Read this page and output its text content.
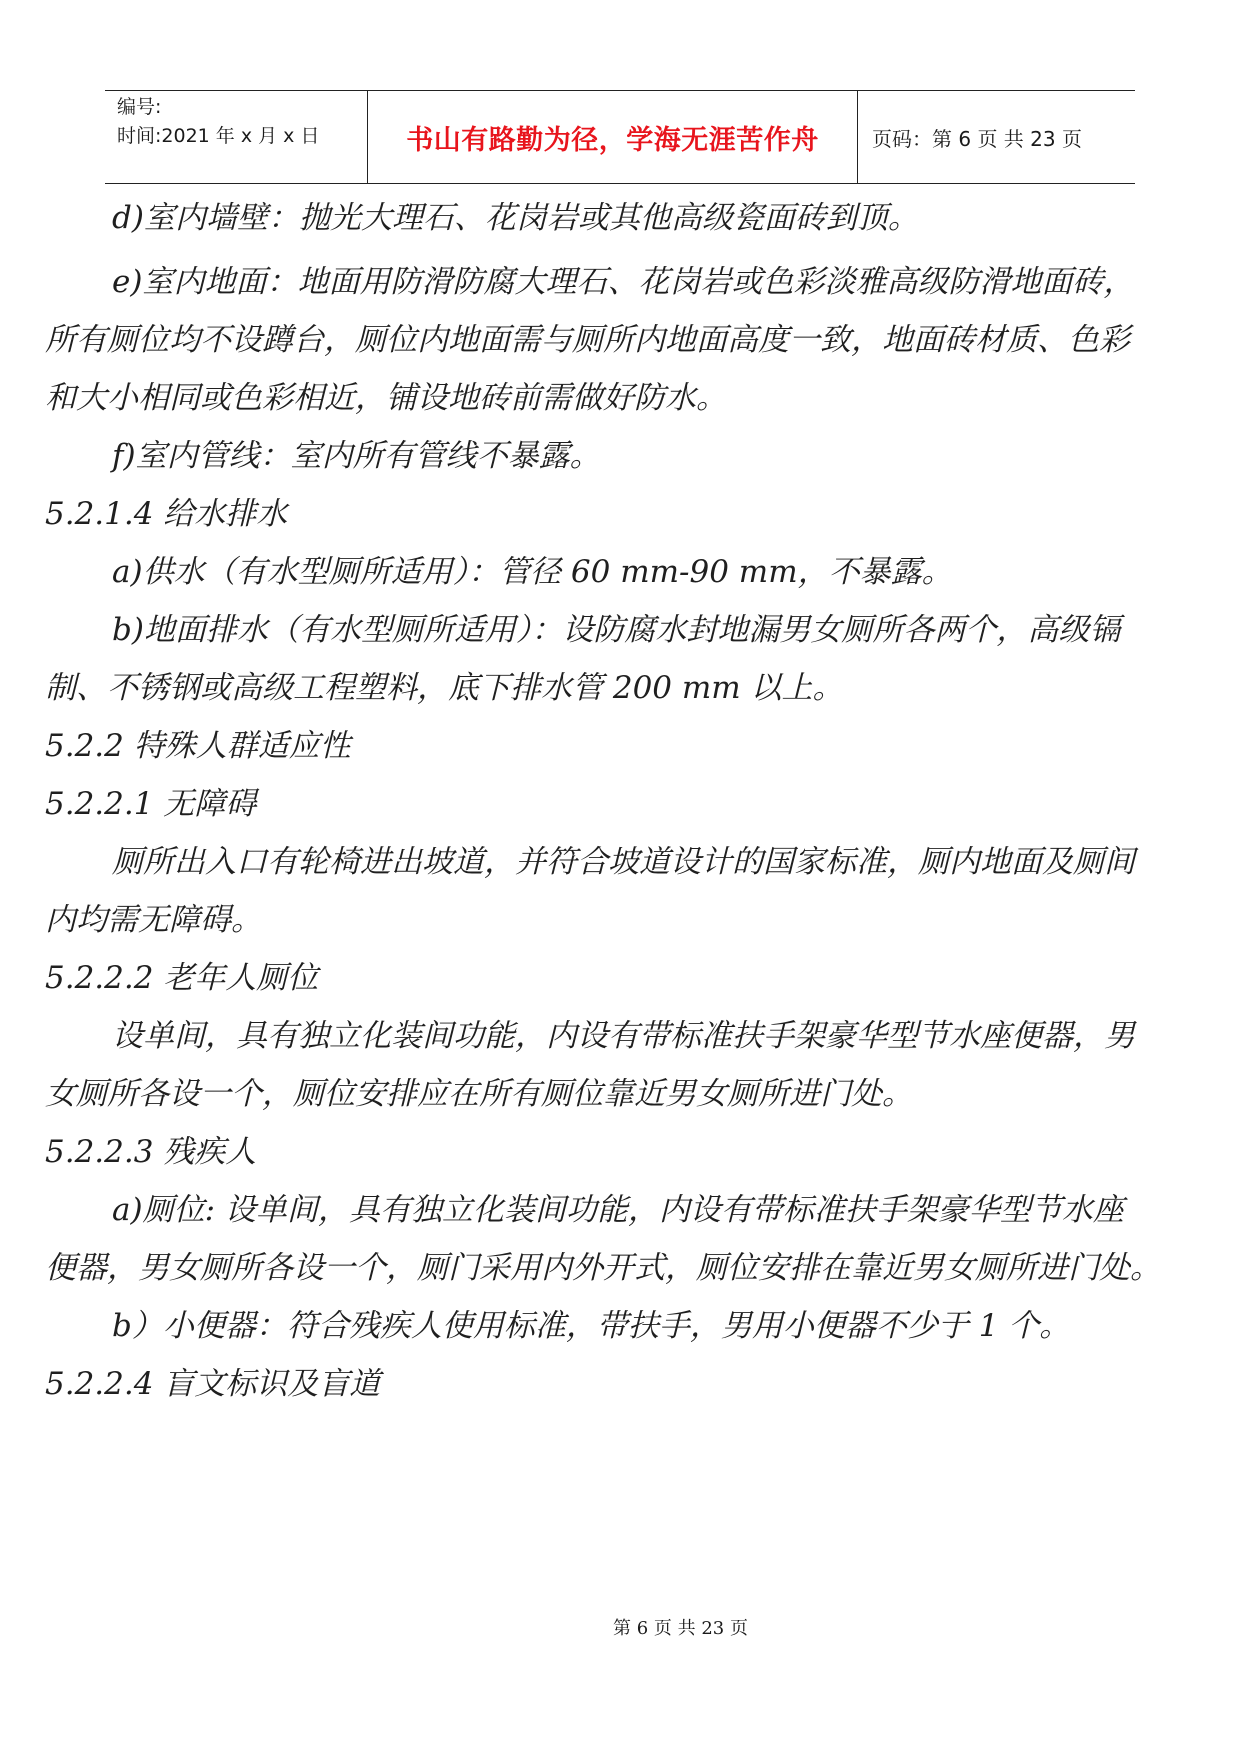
编号:
时间:2021 年 x 月 x 日	书山有路勤为径，学海无涯苦作舟	页码：第 6 页 共 23 页
d)室内墙壁：抛光大理石、花岗岩或其他高级瓷面砖到顶。
e)室内地面：地面用防滑防腐大理石、花岗岩或色彩淡雅高级防滑地面砖，
所有厕位均不设蹲台，厕位内地面需与厕所内地面高度一致，地面砖材质、色彩
和大小相同或色彩相近，铺设地砖前需做好防水。
f)室内管线：室内所有管线不暴露。
5.2.1.4 给水排水
a)供水（有水型厕所适用）：管径 60 mm-90 mm，不暴露。
b)地面排水（有水型厕所适用）：设防腐水封地漏男女厕所各两个，高级镉
制、不锈钢或高级工程塑料，底下排水管 200 mm 以上。
5.2.2 特殊人群适应性
5.2.2.1 无障碍
厕所出入口有轮椅进出坡道，并符合坡道设计的国家标准，厕内地面及厕间
内均需无障碍。
5.2.2.2 老年人厕位
设单间，具有独立化装间功能，内设有带标准扶手架豪华型节水座便器，男
女厕所各设一个，厕位安排应在所有厕位靠近男女厕所进门处。
5.2.2.3 残疾人
a)厕位: 设单间，具有独立化装间功能，内设有带标准扶手架豪华型节水座
便器，男女厕所各设一个，厕门采用内外开式，厕位安排在靠近男女厕所进门处。
b）小便器：符合残疾人使用标准，带扶手，男用小便器不少于 1 个。
5.2.2.4 盲文标识及盲道
第 6 页 共 23 页
